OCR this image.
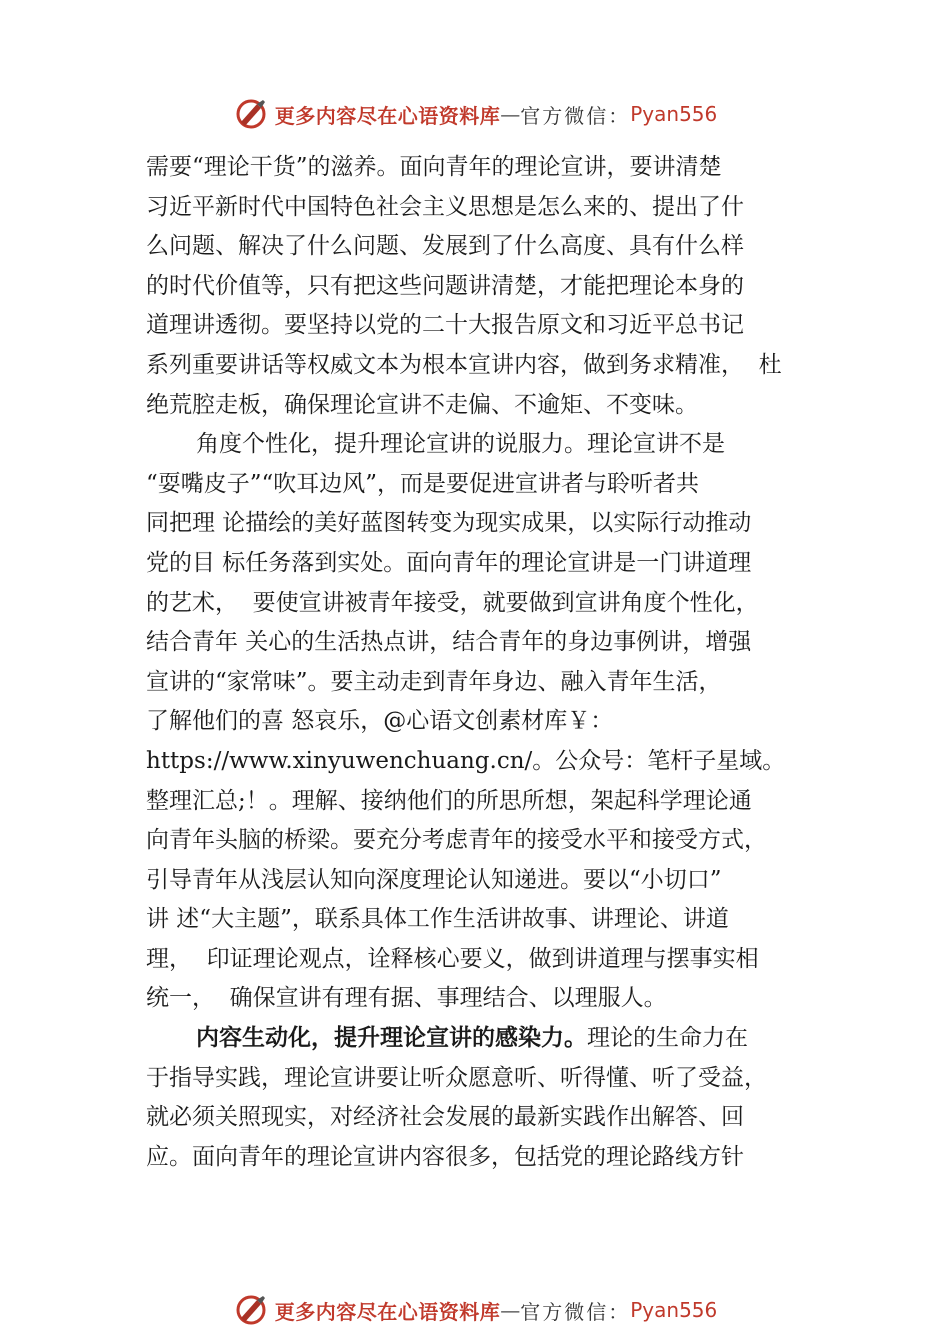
更多内容尽在心语资料库 — 官方微信： Pyan556
需要“理论干货”的滋养。面向青年的理论宣讲，要讲清楚
习近平新时代中国特色社会主义思想是怎么来的、提出了什
么问题、解决了什么问题、发展到了什么高度、具有什么样
的时代价值等，只有把这些问题讲清楚，才能把理论本身的
道理讲透彻。要坚持以党的二十大报告原文和习近平总书记
系列重要讲话等权威文本为根本宣讲内容，做到务求精准，  杜
绝荒腔走板，确保理论宣讲不走偏、不逾矩、不变味。
角度个性化，提升理论宣讲的说服力。理论宣讲不是
“耍嘴皮子”“吹耳边风”，而是要促进宣讲者与聆听者共
同把理 论描绘的美好蓝图转变为现实成果，以实际行动推动
党的目 标任务落到实处。面向青年的理论宣讲是一门讲道理
的艺术，  要使宣讲被青年接受，就要做到宣讲角度个性化，
结合青年 关心的生活热点讲，结合青年的身边事例讲，增强
宣讲的“家常味”。要主动走到青年身边、融入青年生活，
了解他们的喜 怒哀乐，@心语文创素材库￥：
https://www.xinyuwenchuang.cn/。公众号：笔杆子星域。
整理汇总;！。理解、接纳他们的所思所想，架起科学理论通
向青年头脑的桥梁。要充分考虑青年的接受水平和接受方式，
引导青年从浅层认知向深度理论认知递进。要以“小切口”
讲 述“大主题”，联系具体工作生活讲故事、讲理论、讲道
理，  印证理论观点，诠释核心要义，做到讲道理与摆事实相
统一，  确保宣讲有理有据、事理结合、以理服人。
内容生动化，提升理论宣讲的感染力。理论的生命力在
于指导实践，理论宣讲要让听众愿意听、听得懂、听了受益，
就必须关照现实，对经济社会发展的最新实践作出解答、回
应。面向青年的理论宣讲内容很多，包括党的理论路线方针
更多内容尽在心语资料库 — 官方微信： Pyan556
